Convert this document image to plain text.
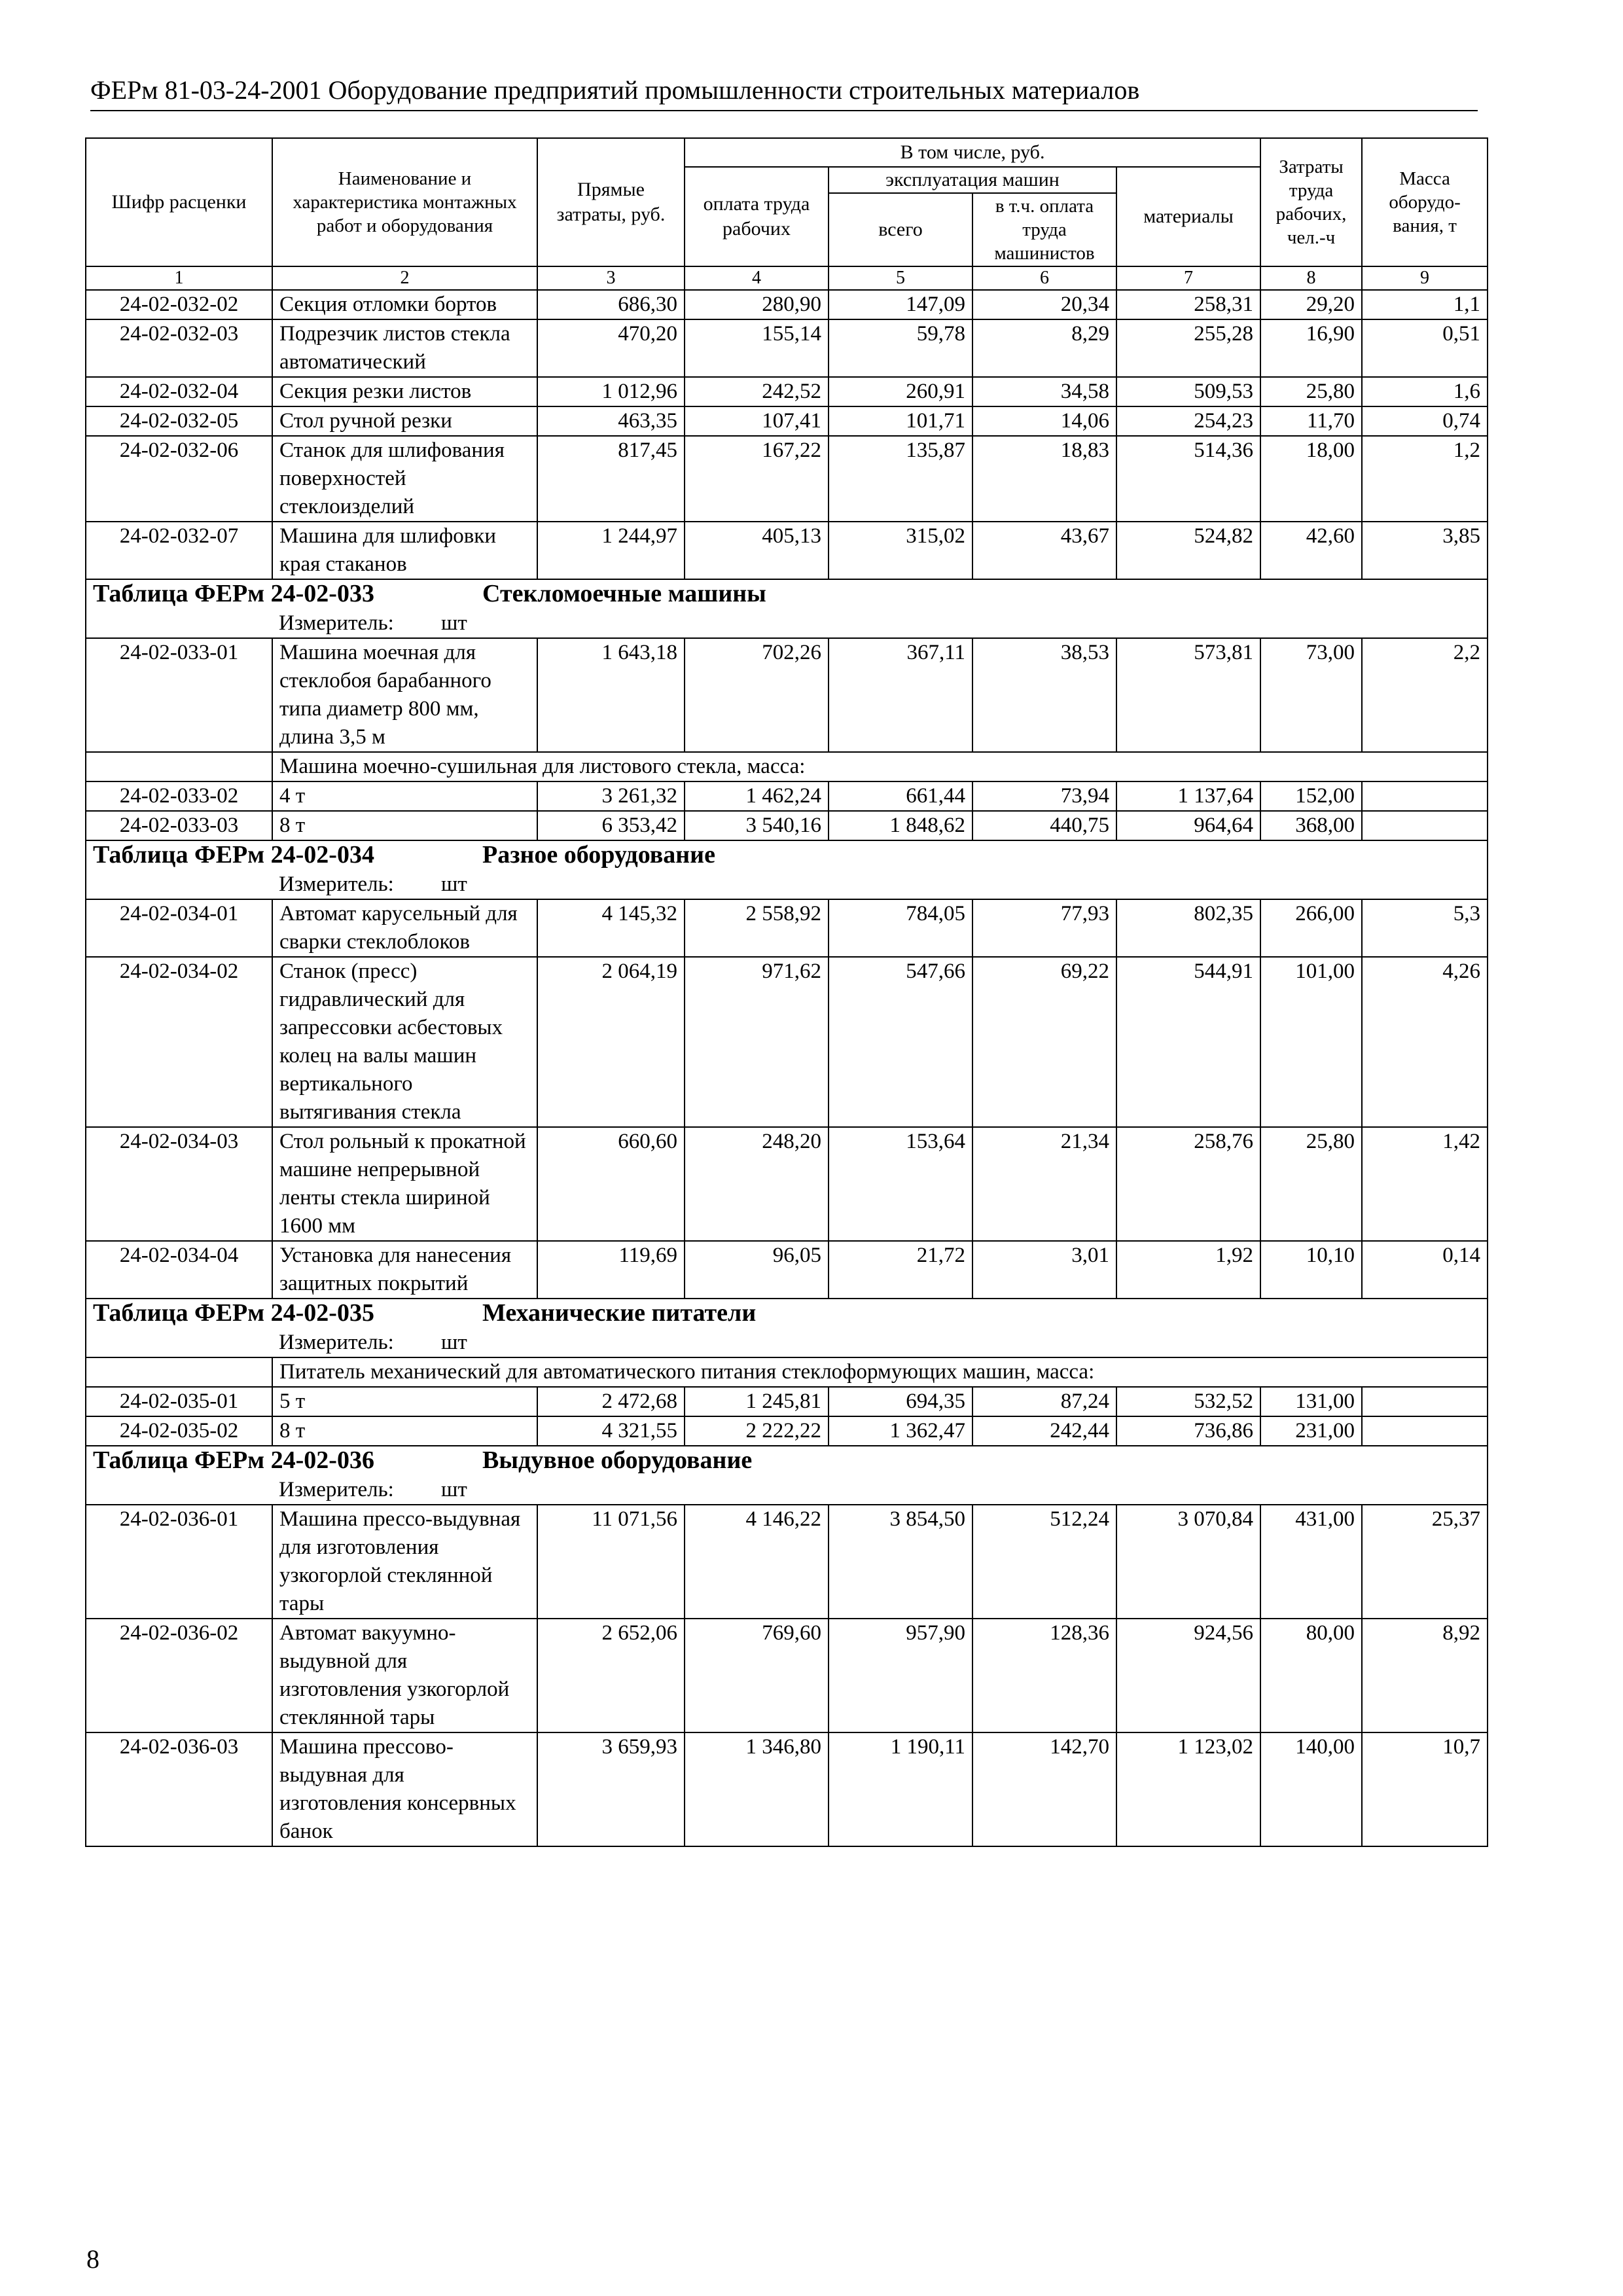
ФЕРм 81-03-24-2001 Оборудование предприятий промышленности строительных материалов
Шифр расценки	Наименование и характеристика монтажных работ и оборудования	Прямые затраты, руб.	В том числе, руб.				Затраты труда рабочих, чел.-ч	Масса оборудо-вания, т
			оплата труда рабочих	эксплуатация машин		материалы		
				всего	в т.ч. оплата труда машинистов			
1	2	3	4	5	6	7	8	9
24-02-032-02	Секция отломки бортов	686,30	280,90	147,09	20,34	258,31	29,20	1,1
24-02-032-03	Подрезчик листов стекла автоматический	470,20	155,14	59,78	8,29	255,28	16,90	0,51
24-02-032-04	Секция резки листов	1 012,96	242,52	260,91	34,58	509,53	25,80	1,6
24-02-032-05	Стол ручной резки	463,35	107,41	101,71	14,06	254,23	11,70	0,74
24-02-032-06	Станок для шлифования поверхностей стеклоизделий	817,45	167,22	135,87	18,83	514,36	18,00	1,2
24-02-032-07	Машина для шлифовки края стаканов	1 244,97	405,13	315,02	43,67	524,82	42,60	3,85
Таблица ФЕРм 24-02-033 Стекломоечные машины								
	Измеритель: шт							
24-02-033-01	Машина моечная для стеклобоя барабанного типа диаметр 800 мм, длина 3,5 м	1 643,18	702,26	367,11	38,53	573,81	73,00	2,2
	Машина моечно-сушильная для листового стекла, масса:							
24-02-033-02	4 т	3 261,32	1 462,24	661,44	73,94	1 137,64	152,00	
24-02-033-03	8 т	6 353,42	3 540,16	1 848,62	440,75	964,64	368,00	
Таблица ФЕРм 24-02-034 Разное оборудование								
	Измеритель: шт							
24-02-034-01	Автомат карусельный для сварки стеклоблоков	4 145,32	2 558,92	784,05	77,93	802,35	266,00	5,3
24-02-034-02	Станок (пресс) гидравлический для запрессовки асбестовых колец на валы машин вертикального вытягивания стекла	2 064,19	971,62	547,66	69,22	544,91	101,00	4,26
24-02-034-03	Стол рольный к прокатной машине непрерывной ленты стекла шириной 1600 мм	660,60	248,20	153,64	21,34	258,76	25,80	1,42
24-02-034-04	Установка для нанесения защитных покрытий	119,69	96,05	21,72	3,01	1,92	10,10	0,14
Таблица ФЕРм 24-02-035 Механические питатели								
	Измеритель: шт							
	Питатель механический для автоматического питания стеклоформующих машин, масса:							
24-02-035-01	5 т	2 472,68	1 245,81	694,35	87,24	532,52	131,00	
24-02-035-02	8 т	4 321,55	2 222,22	1 362,47	242,44	736,86	231,00	
Таблица ФЕРм 24-02-036 Выдувное оборудование								
	Измеритель: шт							
24-02-036-01	Машина прессо-выдувная для изготовления узкогорлой стеклянной тары	11 071,56	4 146,22	3 854,50	512,24	3 070,84	431,00	25,37
24-02-036-02	Автомат вакуумно-выдувной для изготовления узкогорлой стеклянной тары	2 652,06	769,60	957,90	128,36	924,56	80,00	8,92
24-02-036-03	Машина прессово-выдувная для изготовления консервных банок	3 659,93	1 346,80	1 190,11	142,70	1 123,02	140,00	10,7
8
